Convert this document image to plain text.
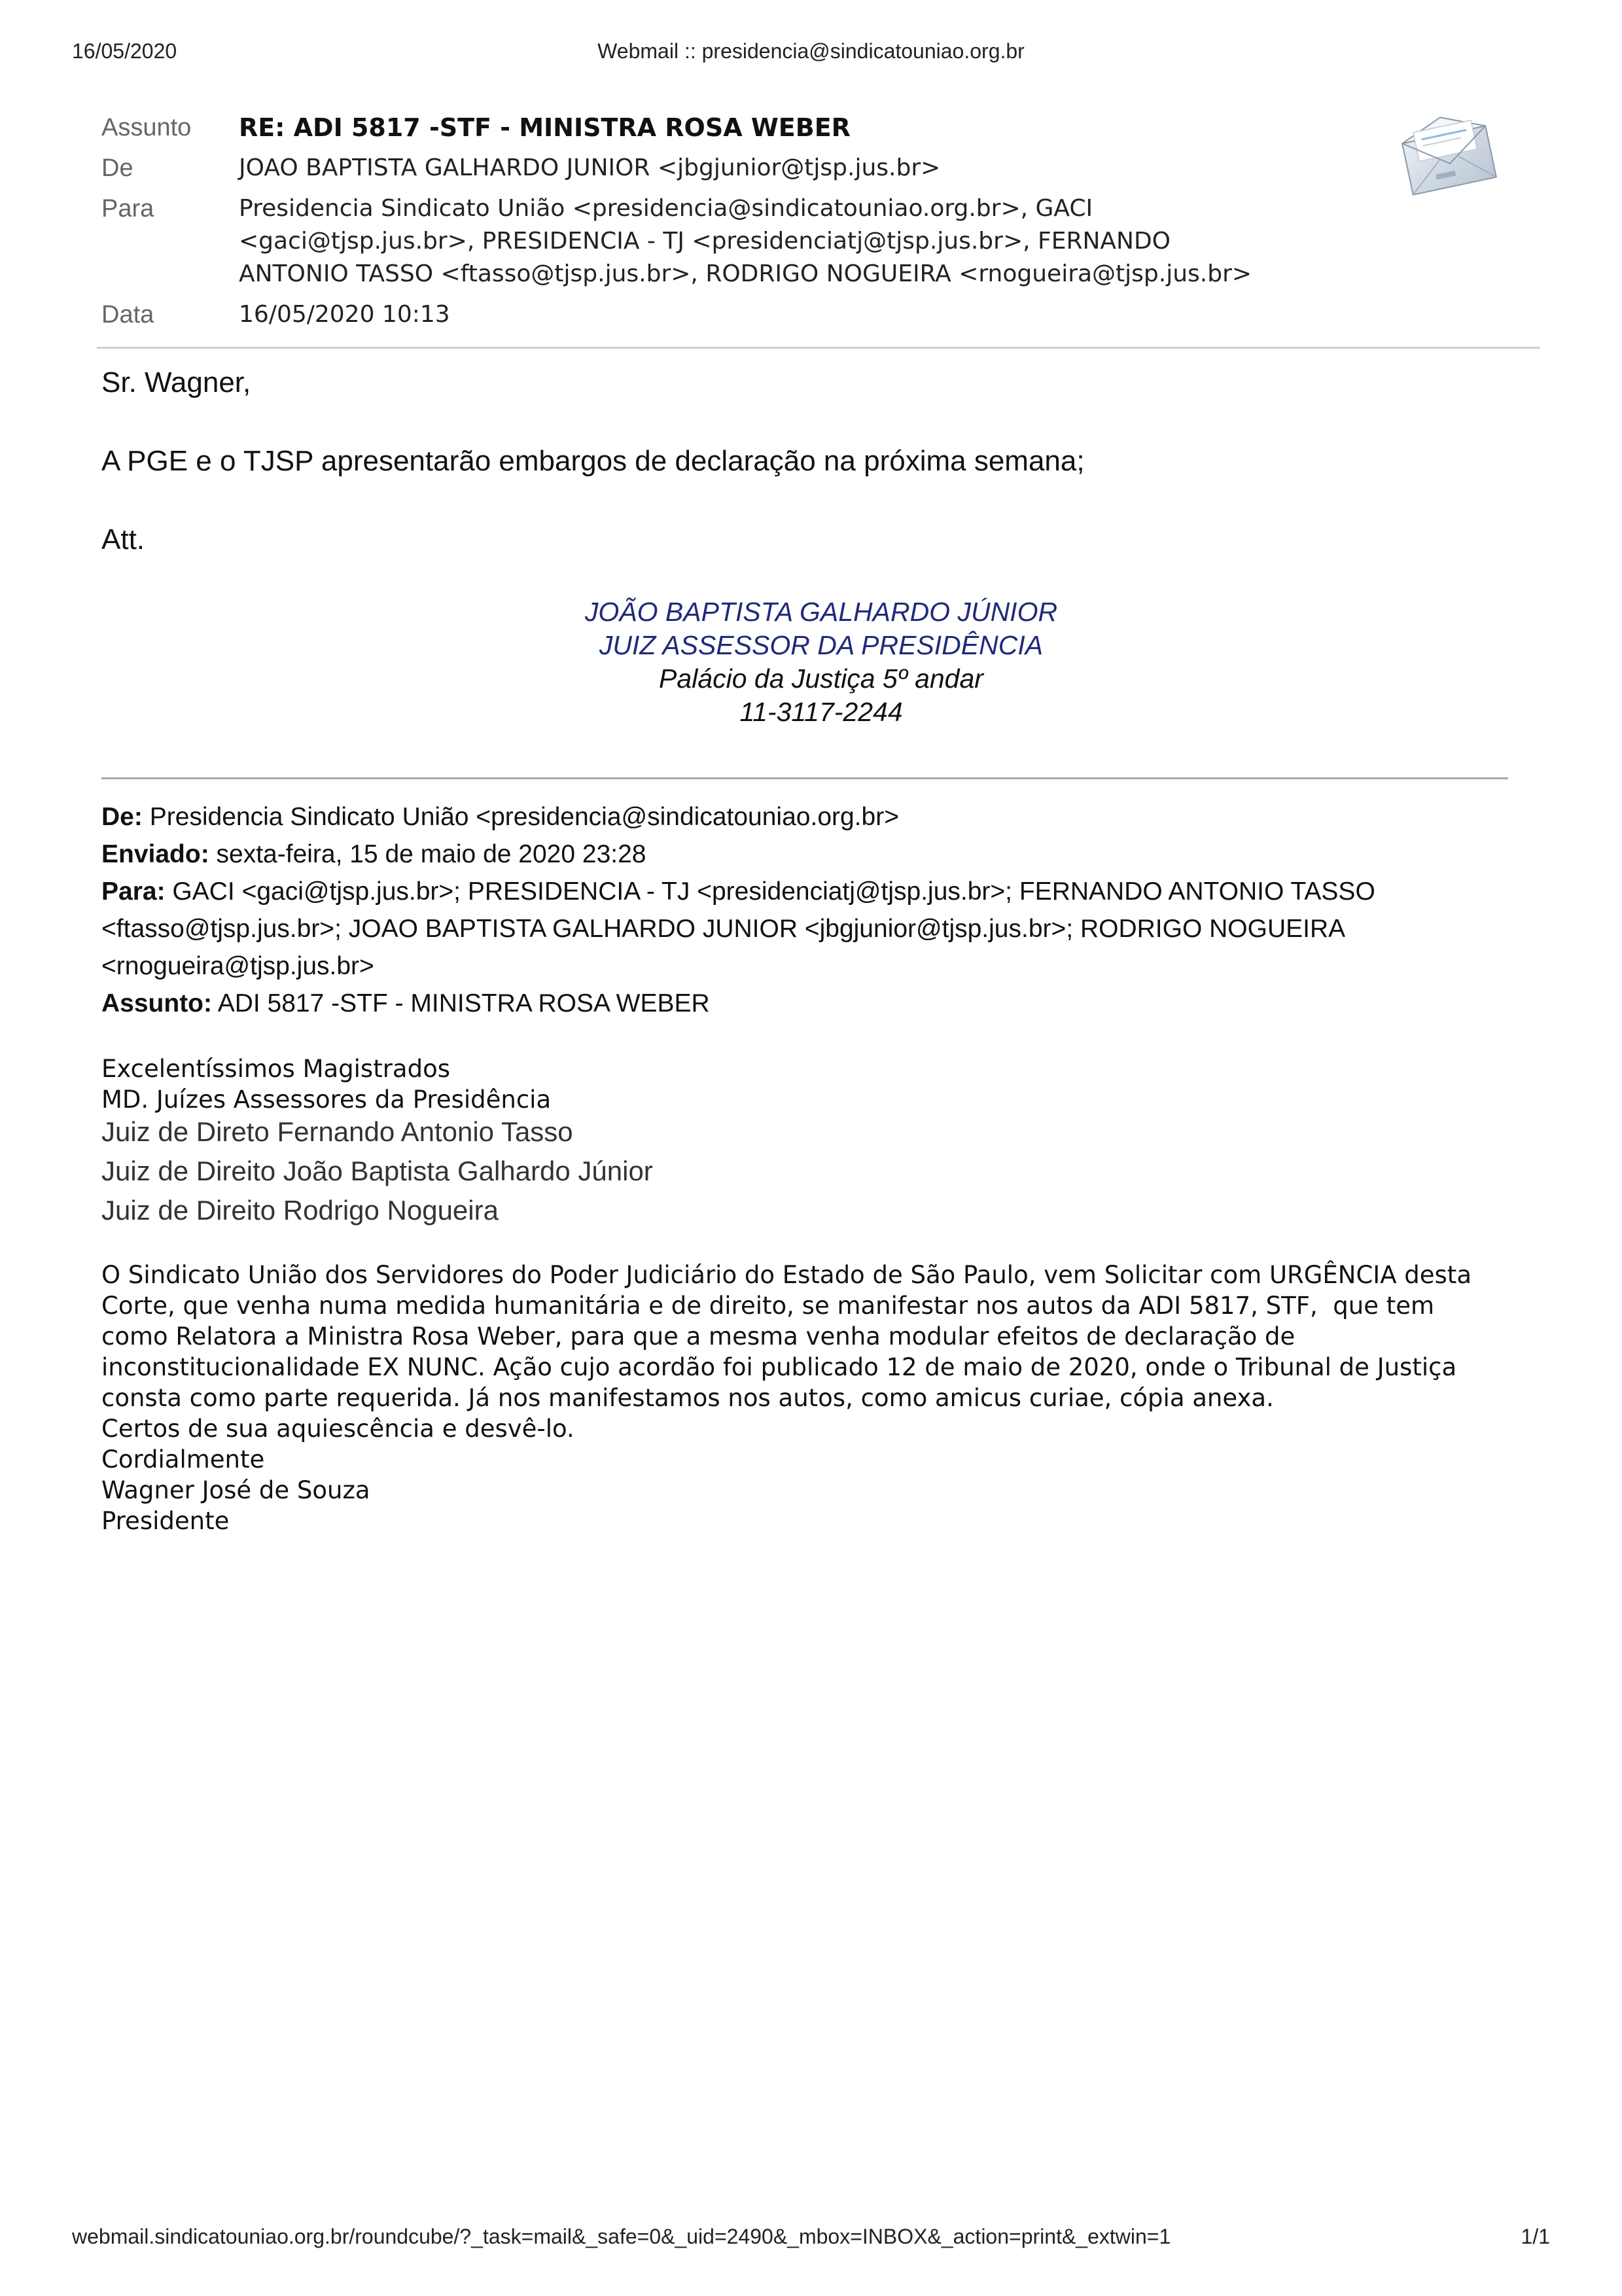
16/05/2020	Webmail :: presidencia@sindicatouniao.org.br
Assunto	RE: ADI 5817 -STF - MINISTRA ROSA WEBER
De	JOAO BAPTISTA GALHARDO JUNIOR <jbgjunior@tjsp.jus.br>
Para	Presidencia Sindicato União <presidencia@sindicatouniao.org.br>, GACI
<gaci@tjsp.jus.br>, PRESIDENCIA - TJ <presidenciatj@tjsp.jus.br>, FERNANDO
ANTONIO TASSO <ftasso@tjsp.jus.br>, RODRIGO NOGUEIRA <rnogueira@tjsp.jus.br>
Data	16/05/2020 10:13

Sr. Wagner,

A PGE e o TJSP apresentarão embargos de declaração na próxima semana;

Att.

JOÃO BAPTISTA GALHARDO JÚNIOR
JUIZ ASSESSOR DA PRESIDÊNCIA
Palácio da Justiça 5º andar
11-3117-2244
De: Presidencia Sindicato União <presidencia@sindicatouniao.org.br>
Enviado: sexta-feira, 15 de maio de 2020 23:28
Para: GACI <gaci@tjsp.jus.br>; PRESIDENCIA - TJ <presidenciatj@tjsp.jus.br>; FERNANDO ANTONIO TASSO
<ftasso@tjsp.jus.br>; JOAO BAPTISTA GALHARDO JUNIOR <jbgjunior@tjsp.jus.br>; RODRIGO NOGUEIRA
<rnogueira@tjsp.jus.br>
Assunto: ADI 5817 -STF - MINISTRA ROSA WEBER
Excelentíssimos Magistrados
MD. Juízes Assessores da Presidência
Juiz de Direto Fernando Antonio Tasso
Juiz de Direito João Baptista Galhardo Júnior
Juiz de Direito Rodrigo Nogueira
O Sindicato União dos Servidores do Poder Judiciário do Estado de São Paulo, vem Solicitar com URGÊNCIA desta
Corte, que venha numa medida humanitária e de direito, se manifestar nos autos da ADI 5817, STF,  que tem
como Relatora a Ministra Rosa Weber, para que a mesma venha modular efeitos de declaração de
inconstitucionalidade EX NUNC. Ação cujo acordão foi publicado 12 de maio de 2020, onde o Tribunal de Justiça
consta como parte requerida. Já nos manifestamos nos autos, como amicus curiae, cópia anexa.
Certos de sua aquiescência e desvê-lo.
Cordialmente
Wagner José de Souza
Presidente
webmail.sindicatouniao.org.br/roundcube/?_task=mail&_safe=0&_uid=2490&_mbox=INBOX&_action=print&_extwin=1	1/1
